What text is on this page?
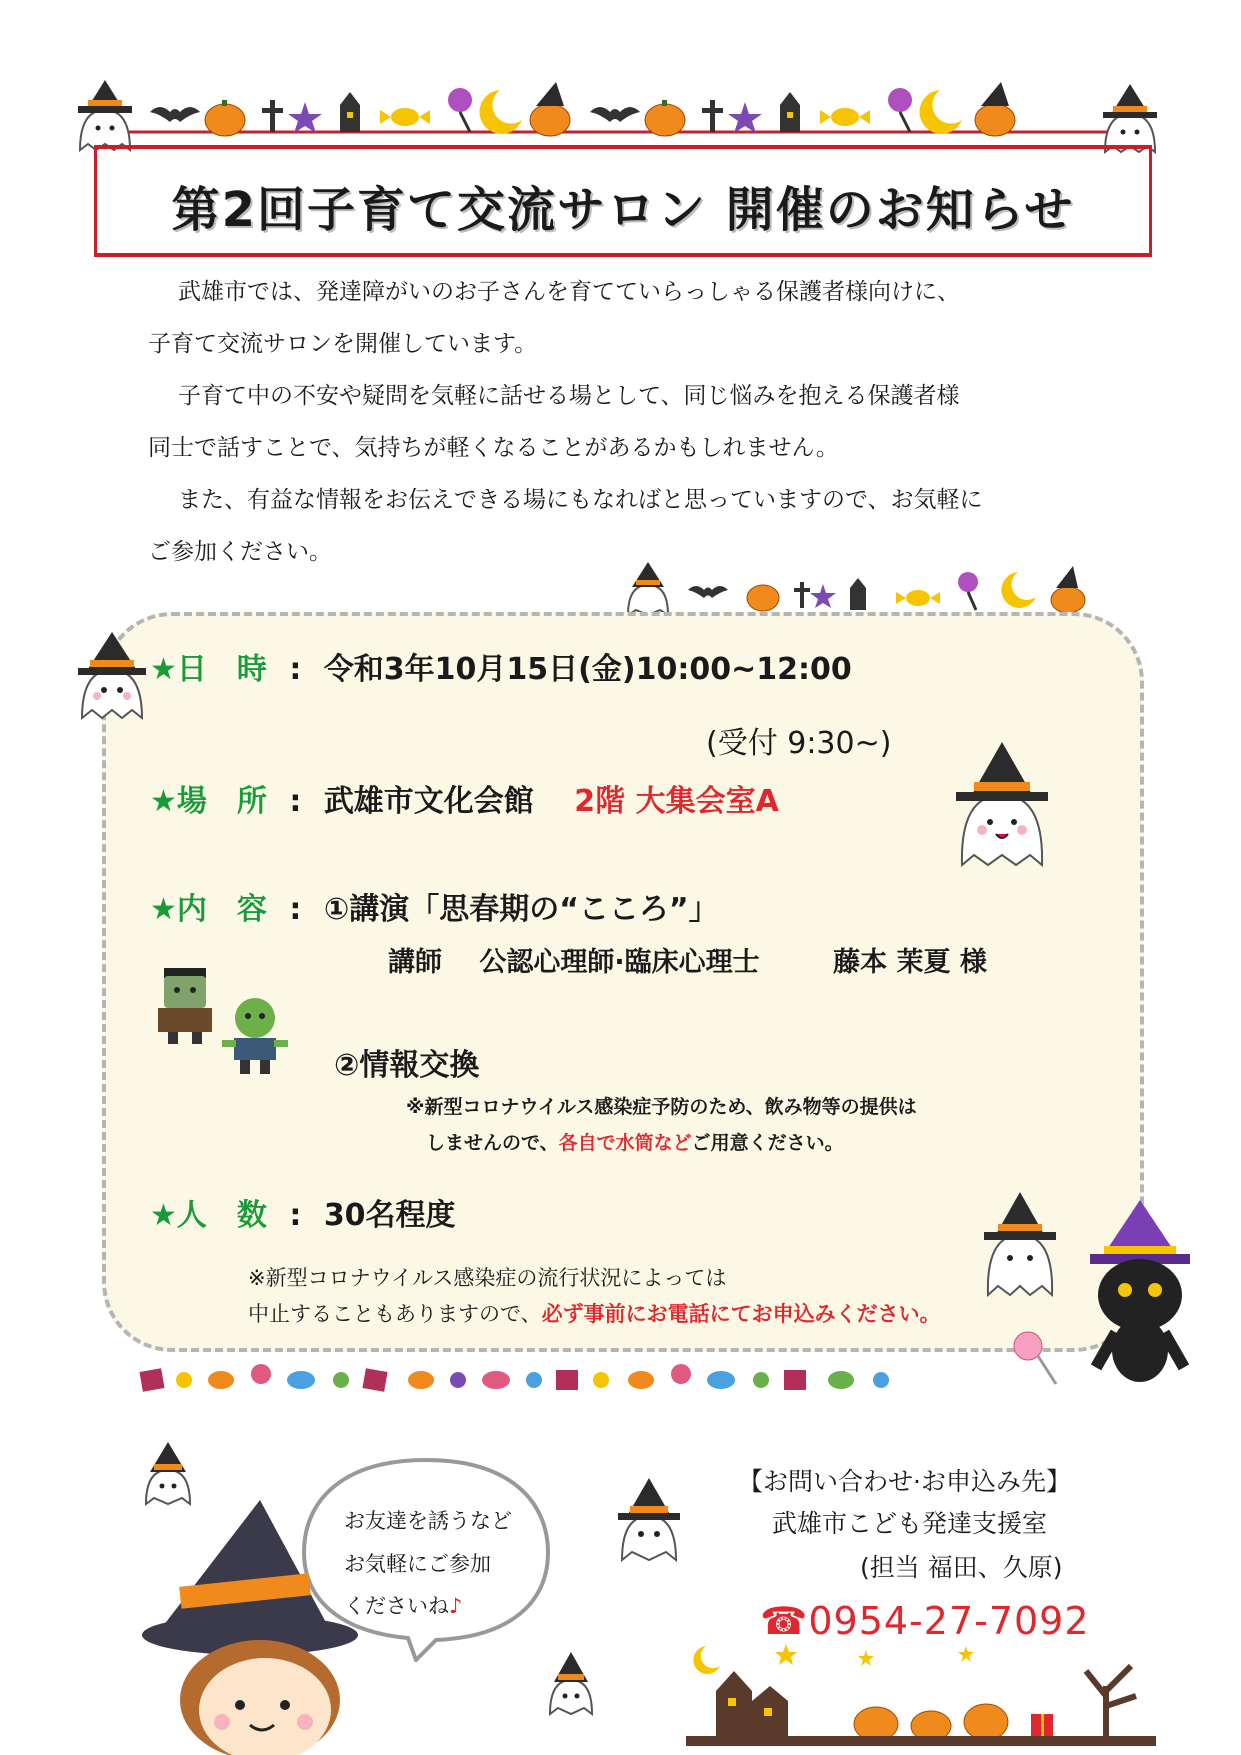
第2回子育て交流サロン 開催のお知らせ

武雄市では、発達障がいのお子さんを育てていらっしゃる保護者様向けに、

子育て交流サロンを開催しています。

子育て中の不安や疑問を気軽に話せる場として、同じ悩みを抱える保護者様

同士で話すことで、気持ちが軽くなることがあるかもしれません。

また、有益な情報をお伝えできる場にもなればと思っていますので、お気軽に

ご参加ください。

★日　時 : 令和3年10月15日(金)10:00~12:00
(受付 9:30~)
★場　所 : 武雄市文化会館 2階 大集会室A
★内　容 : ①講演「思春期の“こころ”」
講師 公認心理師·臨床心理士	藤本 茉夏 様
②情報交換
※新型コロナウイルス感染症予防のため、飲み物等の提供は
しませんので、各自で水筒などご用意ください。
★人　数 : 30名程度
※新型コロナウイルス感染症の流行状況によっては
中止することもありますので、必ず事前にお電話にてお申込みください。
お友達を誘うなど
お気軽にご参加
くださいね♪
【お問い合わせ·お申込み先】
武雄市こども発達支援室
(担当 福田、久原)
☎0954-27-7092
